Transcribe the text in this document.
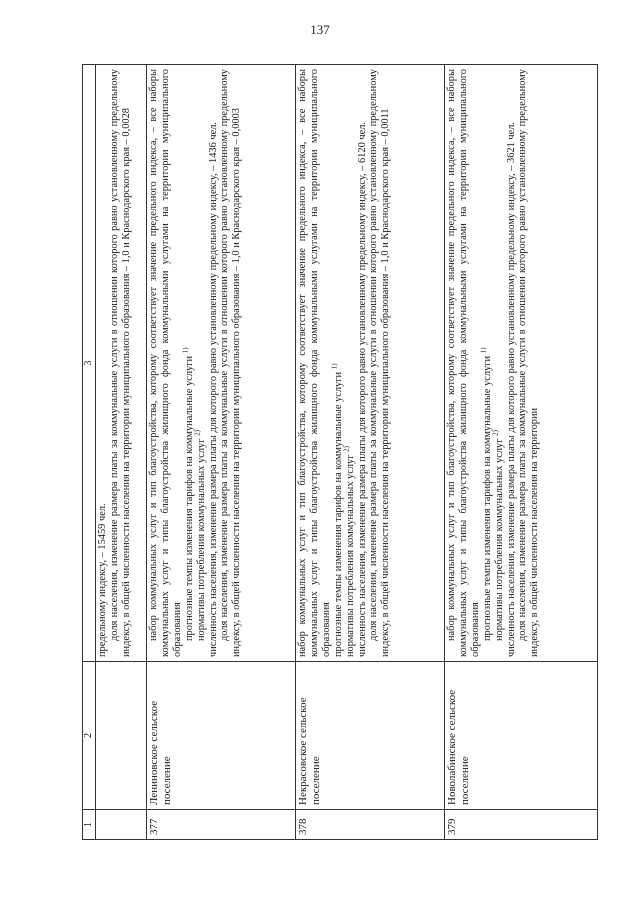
137
1	2	3

		предельному индексу, – 15459 чел. доля населения, изменение размера платы за коммунальные услуги в отношении которого равно установленному предельному индексу, в общей численности населения на территории муниципального образования – 1,0 и Краснодарского края – 0,0028

377	Лениновское сельское поселение	набор коммунальных услуг и тип благоустройства, которому соответствует значение предельного индекса, – все наборы коммунальных услуг и типы благоустройства жилищного фонда коммунальными услугами на территории муниципального образования прогнозные темпы изменения тарифов на коммунальные услуги $^{1)}$

нормативы потребления коммунальных услуг $^{2)}$ численность населения, изменение размера платы для которого равно установленному предельному индексу, – 1436 чел. доля населения, изменение размера платы за коммунальные услуги в отношении которого равно установленному предельному индексу, в общей численности населения на территории муниципального образования – 1,0 и Краснодарского края – 0,0003

378	Некрасовское сельское поселение	набор коммунальных услуг и тип благоустройства, которому соответствует значение предельного индекса, – все наборы коммунальных услуг и типы благоустройства жилищного фонда коммунальными услугами на территории муниципального образования прогнозные темпы изменения тарифов на коммунальные услуги $^{1)}$

нормативы потребления коммунальных услуг $^{2)}$ численность населения, изменение размера платы для которого равно установленному предельному индексу, – 6120 чел. доля населения, изменение размера платы за коммунальные услуги в отношении которого равно установленному предельному индексу, в общей численности населения на территории муниципального образования – 1,0 и Краснодарского края – 0,0011

379	Новолабинское сельское поселение	набор коммунальных услуг и тип благоустройства, которому соответствует значение предельного индекса, – все наборы коммунальных услуг и типы благоустройства жилищного фонда коммунальными услугами на территории муниципального образования прогнозные темпы изменения тарифов на коммунальные услуги $^{1)}$

нормативы потребления коммунальных услуг $^{2)}$ численность населения, изменение размера платы для которого равно установленному предельному индексу, – 3621 чел. доля населения, изменение размера платы за коммунальные услуги в отношении которого равно установленному предельному индексу, в общей численности населения на территории
